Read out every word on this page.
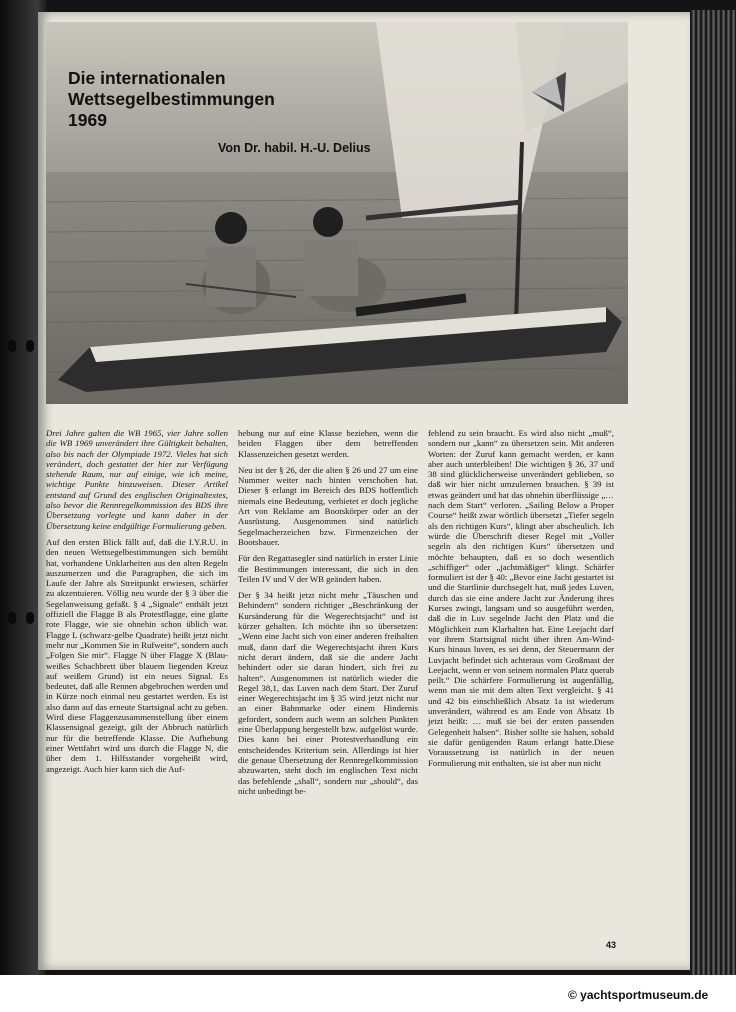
Die internationalen
Wettsegelbestimmungen
1969
Von Dr. habil. H.-U. Delius

Drei Jahre galten die WB 1965, vier Jahre sollen die WB 1969 unverändert ihre Gültigkeit behalten, also bis nach der Olympiade 1972. Vieles hat sich verändert, doch gestattet der hier zur Verfügung stehende Raum, nur auf einige, wie ich meine, wichtige Punkte hinzuweisen. Dieser Artikel entstand auf Grund des englischen Originaltextes, also bevor die Rennregelkommission des BDS ihre Übersetzung vorlegte und kann daher in der Übersetzung keine endgültige Formulierung geben.

Auf den ersten Blick fällt auf, daß die I.Y.R.U. in den neuen Wettsegelbestimmungen sich bemüht hat, vorhandene Unklarheiten aus den alten Regeln auszumerzen und die Paragraphen, die sich im Laufe der Jahre als Streitpunkt erwiesen, schärfer zu akzentuieren. Völlig neu wurde der § 3 über die Segelanweisung gefaßt. § 4 „Signale“ enthält jetzt offiziell die Flagge B als Protestflagge, eine glatte rote Flagge, wie sie ohnehin schon üblich war. Flagge L (schwarz-gelbe Quadrate) heißt jetzt nicht mehr nur „Kommen Sie in Rufweite“, sondern auch „Folgen Sie mir“. Flagge N über Flagge X (Blau-weißes Schachbrett über blauem liegenden Kreuz auf weißem Grund) ist ein neues Signal. Es bedeutet, daß alle Rennen abgebrochen werden und in Kürze noch einmal neu gestartet werden. Es ist also dann auf das erneute Startsignal acht zu geben. Wird diese Flaggenzusammenstellung über einem Klassensignal gezeigt, gilt der Abbruch natürlich nur für die betreffende Klasse. Die Aufhebung einer Wettfahrt wird uns durch die Flagge N, die über dem 1. Hilfsstander vorgeheißt wird, angezeigt. Auch hier kann sich die Auf-

hebung nur auf eine Klasse beziehen, wenn die beiden Flaggen über dem betreffenden Klassenzeichen gesetzt werden.

Neu ist der § 26, der die alten § 26 und 27 um eine Nummer weiter nach hinten verschoben hat. Dieser § erlangt im Bereich des BDS hoffentlich niemals eine Bedeutung, verbietet er doch jegliche Art von Reklame am Bootskörper oder an der Ausrüstung. Ausgenommen sind natürlich Segelmacherzeichen bzw. Firmenzeichen der Bootsbauer.

Für den Regattasegler sind natürlich in erster Linie die Bestimmungen interessant, die sich in den Teilen IV und V der WB geändert haben.

Der § 34 heißt jetzt nicht mehr „Täuschen und Behindern“ sondern richtiger „Beschränkung der Kursänderung für die Wegerechtsjacht“ und ist kürzer gehalten. Ich möchte ihn so übersetzen: „Wenn eine Jacht sich von einer anderen freihalten muß, dann darf die Wegerechtsjacht ihren Kurs nicht derart ändern, daß sie die andere Jacht behindert oder sie daran hindert, sich frei zu halten“. Ausgenommen ist natürlich wieder die Regel 38,1, das Luven nach dem Start. Der Zuruf einer Wegerechtsjacht im § 35 wird jetzt nicht nur an einer Bahnmarke oder einem Hindernis gefordert, sondern auch wenn an solchen Punkten eine Überlappung hergestellt bzw. aufgelöst wurde. Dies kann bei einer Protestverhandlung ein entscheidendes Kriterium sein. Allerdings ist hier die genaue Übersetzung der Rennregelkommission abzuwarten, steht doch im englischen Text nicht das befehlende „shall“, sondern nur „should“, das nicht unbedingt be-

fehlend zu sein braucht. Es wird also nicht „muß“, sondern nur „kann“ zu übersetzen sein. Mit anderen Worten: der Zuruf kann gemacht werden, er kann aber auch unterbleiben! Die wichtigen § 36, 37 und 38 sind glücklicherweise unverändert geblieben, so daß wir hier nicht umzulernen brauchen. § 39 ist etwas geändert und hat das ohnehin überflüssige „… nach dem Start“ verloren. „Sailing Below a Proper Course“ heißt zwar wörtlich übersetzt „Tiefer segeln als den richtigen Kurs“, klingt aber abscheulich. Ich würde die Überschrift dieser Regel mit „Voller segeln als den richtigen Kurs“ übersetzen und möchte behaupten, daß es so doch wesentlich „schiffiger“ oder „jachtmäßiger“ klingt. Schärfer formuliert ist der § 40: „Bevor eine Jacht gestartet ist und die Startlinie durchsegelt hat, muß jedes Luven, durch das sie eine andere Jacht zur Änderung ihres Kurses zwingt, langsam und so ausgeführt werden, daß die in Luv segelnde Jacht den Platz und die Möglichkeit zum Klarhalten hat. Eine Leejacht darf vor ihrem Startsignal nicht über ihren Am-Wind-Kurs hinaus luven, es sei denn, der Steuermann der Luvjacht befindet sich achteraus vom Großmast der Leejacht, wenn er von seinem normalen Platz querab peilt.“ Die schärfere Formulierung ist augenfällig, wenn man sie mit dem alten Text vergleicht. § 41 und 42 bis einschließlich Absatz 1a ist wiederum unverändert, während es am Ende von Absatz 1b jetzt heißt: … muß sie bei der ersten passenden Gelegenheit halsen“. Bisher sollte sie halsen, sobald sie dafür genügenden Raum erlangt hatte.Diese Voraussetzung ist natürlich in der neuen Formulierung mit enthalten, sie ist aber nun nicht

43
© yachtsportmuseum.de
